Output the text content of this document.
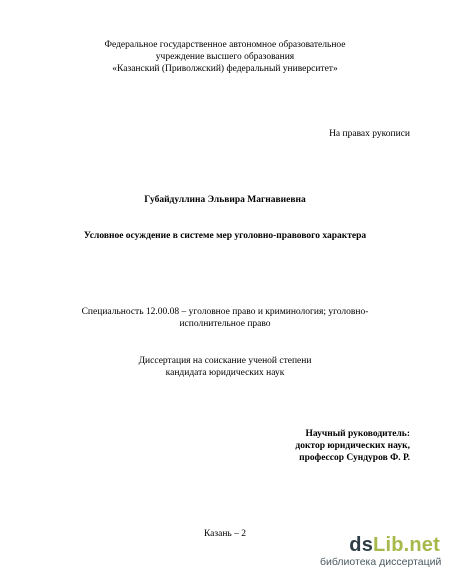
Федеральное государственное автономное образовательное
учреждение высшего образования
«Казанский (Приволжский) федеральный университет»
На правах рукописи
Губайдуллина Эльвира Магнавиевна
Условное осуждение в системе мер уголовно-правового характера
Специальность 12.00.08 – уголовное право и криминология; уголовно-
исполнительное право
Диссертация на соискание ученой степени
кандидата юридических наук
Научный руководитель:
доктор юридических наук,
профессор Сундуров Ф. Р.
Казань – 2	dsLib.net
библиотека диссертаций
